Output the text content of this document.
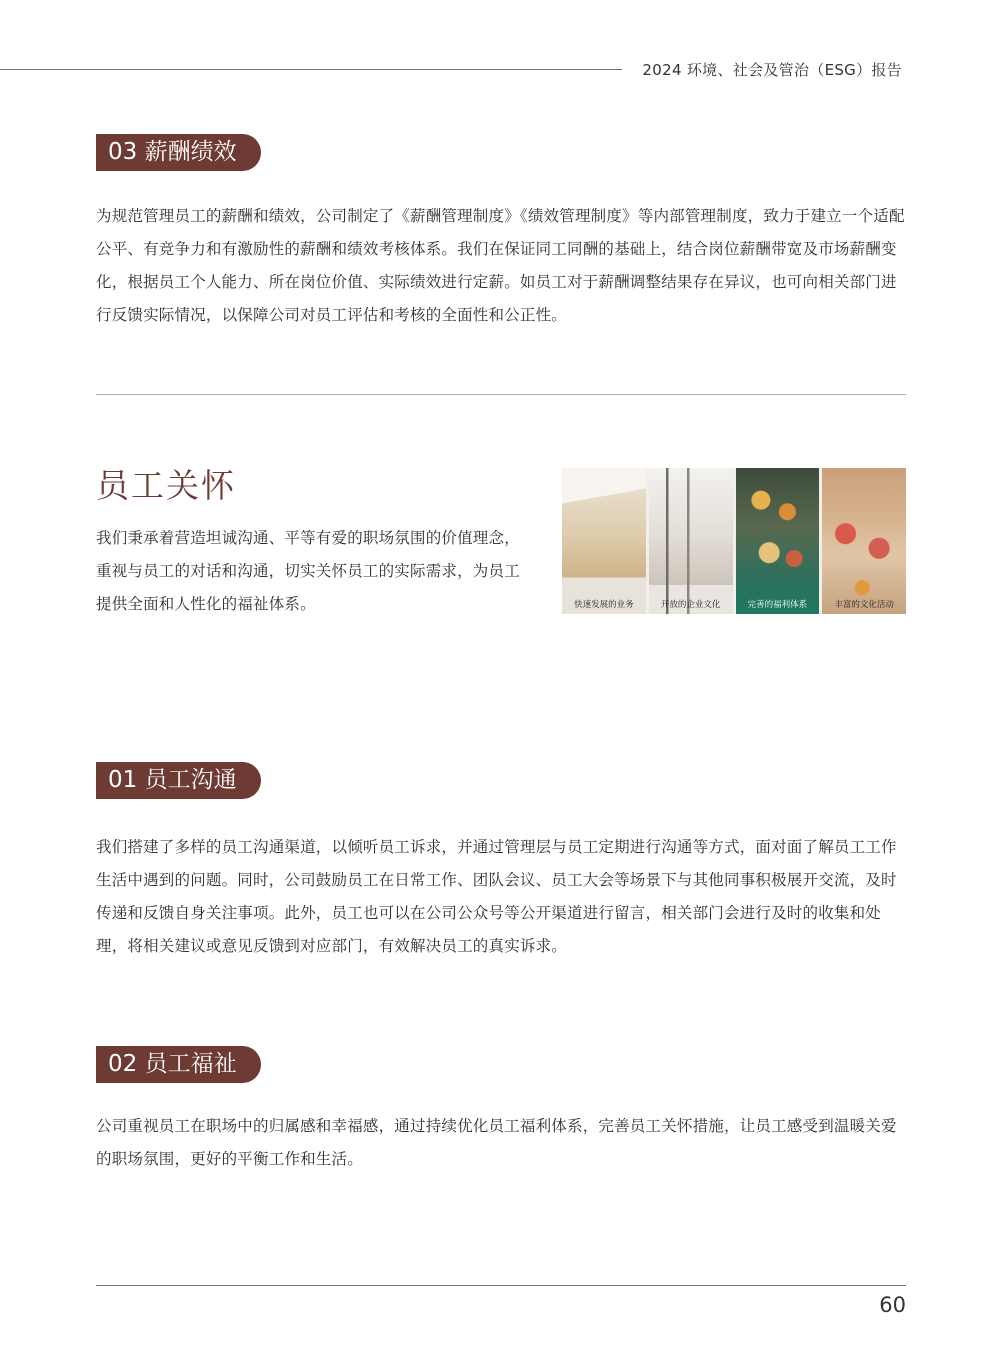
2024 环境、社会及管治（ESG）报告
03 薪酬绩效

为规范管理员工的薪酬和绩效，公司制定了《薪酬管理制度》《绩效管理制度》等内部管理制度，致力于建立一个适配公平、有竞争力和有激励性的薪酬和绩效考核体系。我们在保证同工同酬的基础上，结合岗位薪酬带宽及市场薪酬变化，根据员工个人能力、所在岗位价值、实际绩效进行定薪。如员工对于薪酬调整结果存在异议，也可向相关部门进行反馈实际情况，以保障公司对员工评估和考核的全面性和公正性。

员工关怀

我们秉承着营造坦诚沟通、平等有爱的职场氛围的价值理念，重视与员工的对话和沟通，切实关怀员工的实际需求，为员工提供全面和人性化的福祉体系。	快速发展的业务	开放的企业文化	完善的福利体系	丰富的文化活动
01 员工沟通

我们搭建了多样的员工沟通渠道，以倾听员工诉求，并通过管理层与员工定期进行沟通等方式，面对面了解员工工作生活中遇到的问题。同时，公司鼓励员工在日常工作、团队会议、员工大会等场景下与其他同事积极展开交流，及时传递和反馈自身关注事项。此外，员工也可以在公司公众号等公开渠道进行留言，相关部门会进行及时的收集和处理，将相关建议或意见反馈到对应部门，有效解决员工的真实诉求。

02 员工福祉

公司重视员工在职场中的归属感和幸福感，通过持续优化员工福利体系，完善员工关怀措施，让员工感受到温暖关爱的职场氛围，更好的平衡工作和生活。

60
